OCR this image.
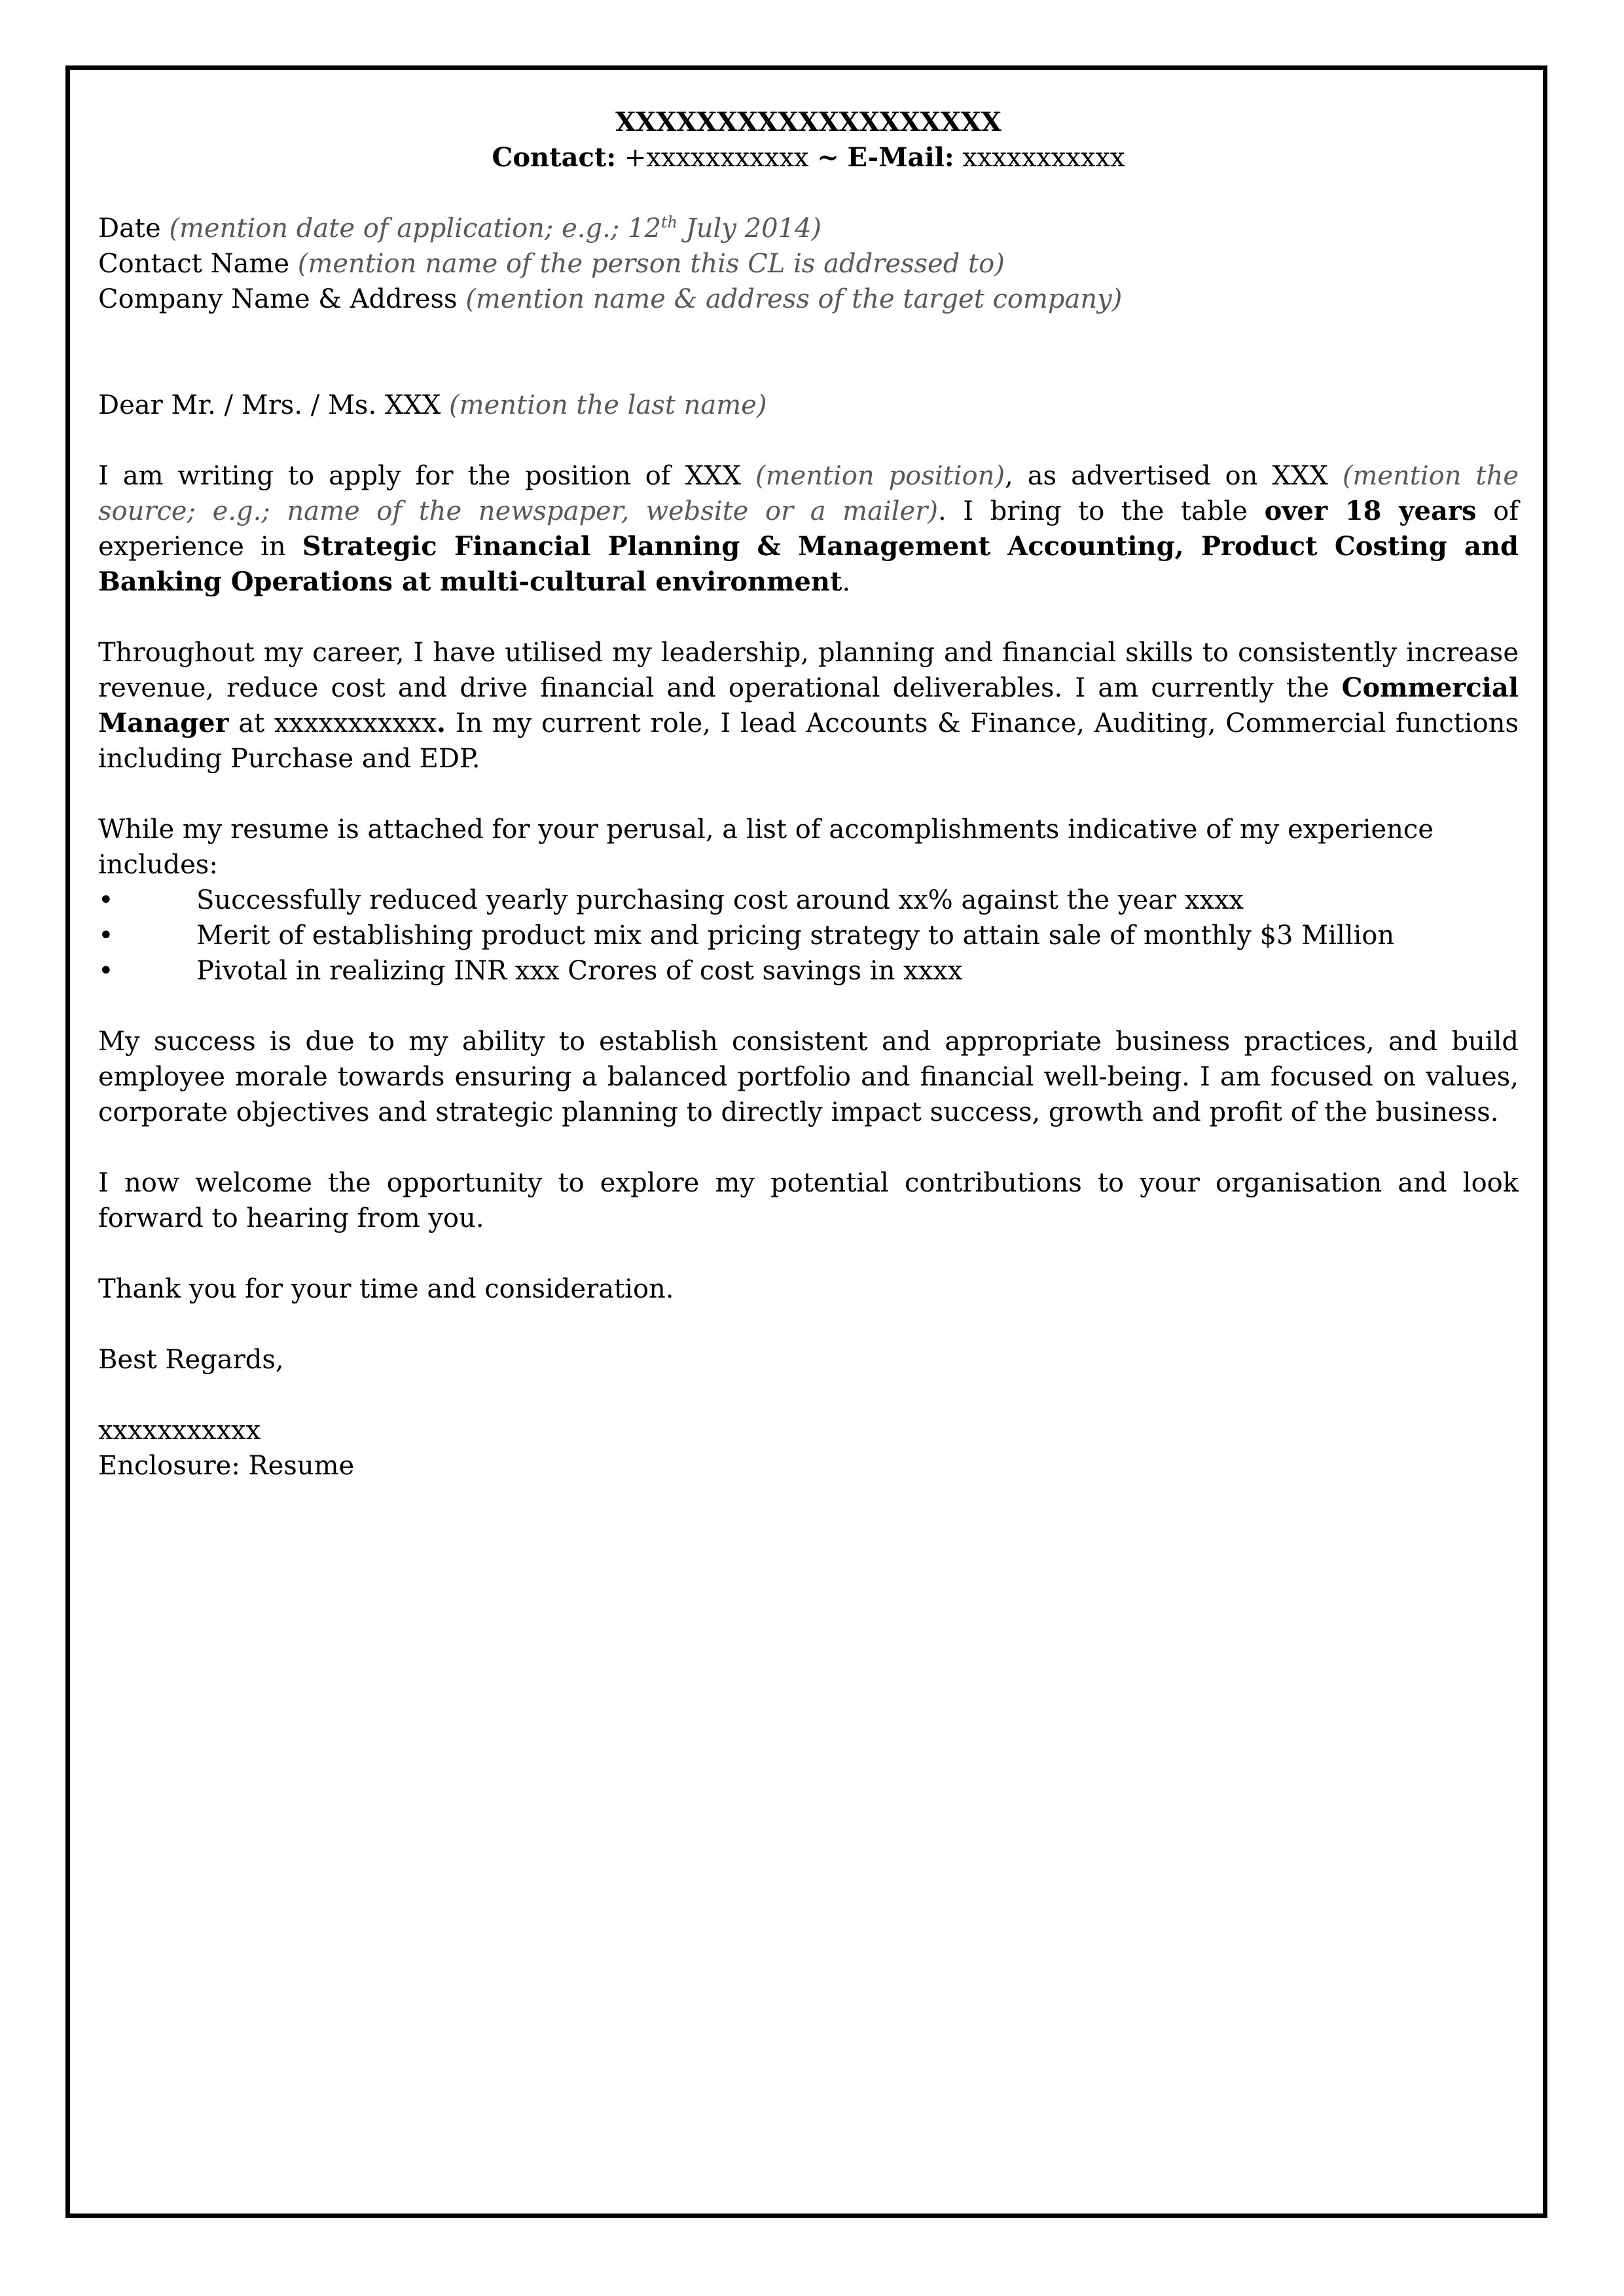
XXXXXXXXXXXXXXXXXXX
Contact: +xxxxxxxxxxx ~ E-Mail: xxxxxxxxxxx

Date (mention date of application; e.g.; 12th July 2014)

Contact Name (mention name of the person this CL is addressed to)

Company Name & Address (mention name & address of the target company)

Dear Mr. / Mrs. / Ms. XXX (mention the last name)

I am writing to apply for the position of XXX (mention position), as advertised on XXX (mention the source; e.g.; name of the newspaper, website or a mailer). I bring to the table over 18 years of experience in Strategic Financial Planning & Management Accounting, Product Costing and Banking Operations at multi-cultural environment.

Throughout my career, I have utilised my leadership, planning and financial skills to consistently increase revenue, reduce cost and drive financial and operational deliverables. I am currently the Commercial Manager at xxxxxxxxxxx. In my current role, I lead Accounts & Finance, Auditing, Commercial functions including Purchase and EDP.

While my resume is attached for your perusal, a list of accomplishments indicative of my experience includes:

•	Successfully reduced yearly purchasing cost around xx% against the year xxxx
•	Merit of establishing product mix and pricing strategy to attain sale of monthly $3 Million
•	Pivotal in realizing INR xxx Crores of cost savings in xxxx

My success is due to my ability to establish consistent and appropriate business practices, and build employee morale towards ensuring a balanced portfolio and financial well-being. I am focused on values, corporate objectives and strategic planning to directly impact success, growth and profit of the business.

I now welcome the opportunity to explore my potential contributions to your organisation and look forward to hearing from you.

Thank you for your time and consideration.

Best Regards,

xxxxxxxxxxx

Enclosure: Resume
